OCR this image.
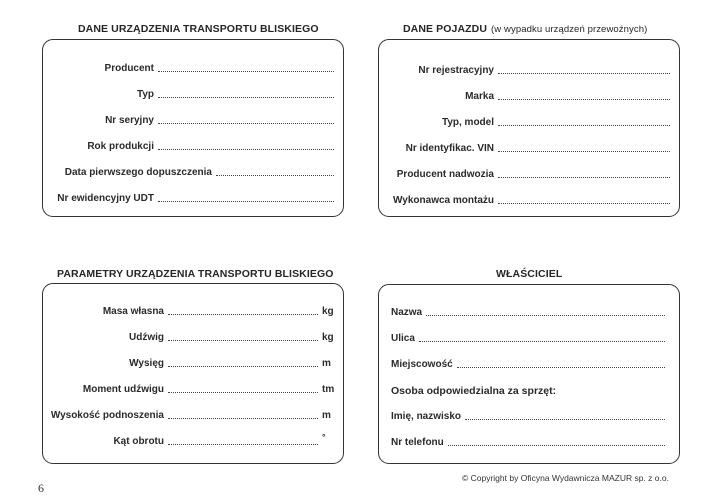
DANE URZĄDZENIA TRANSPORTU BLISKIEGO
Producent
Typ
Nr seryjny
Rok produkcji
Data pierwszego dopuszczenia
Nr ewidencyjny UDT
DANE POJAZDU (w wypadku urządzeń przewoźnych)
Nr rejestracyjny
Marka
Typ, model
Nr identyfikac. VIN
Producent nadwozia
Wykonawca montażu
PARAMETRY URZĄDZENIA TRANSPORTU BLISKIEGO
Masa własna	kg
Udźwig	kg
Wysięg	m
Moment udźwigu	tm
Wysokość podnoszenia	m
Kąt obrotu	°
WŁAŚCICIEL
Nazwa
Ulica
Miejscowość
Osoba odpowiedzialna za sprzęt:
Imię, nazwisko
Nr telefonu
© Copyright by Oficyna Wydawnicza MAZUR sp. z o.o.
6
